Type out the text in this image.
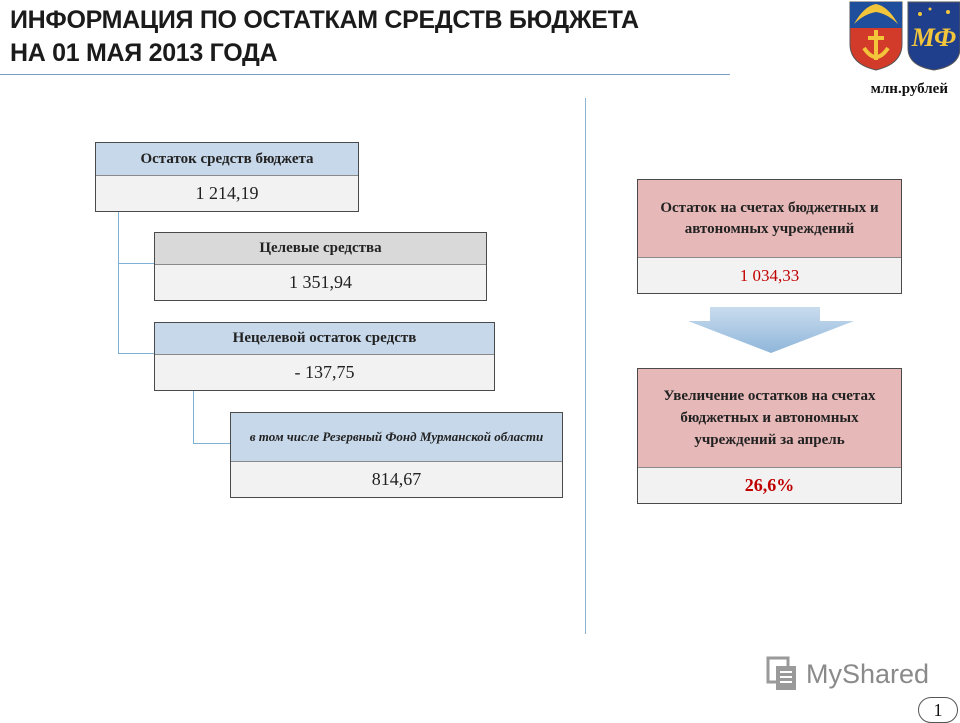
ИНФОРМАЦИЯ ПО ОСТАТКАМ СРЕДСТВ БЮДЖЕТА
НА 01 МАЯ 2013 ГОДА
млн.рублей
МФ
Остаток средств бюджета
1 214,19
Целевые средства
1 351,94
Нецелевой остаток средств
- 137,75
в том числе Резервный Фонд Мурманской области
814,67
Остаток на счетах бюджетных и автономных учреждений
1 034,33
Увеличение остатков на счетах бюджетных и автономных учреждений за апрель
26,6%
MyShared
1
